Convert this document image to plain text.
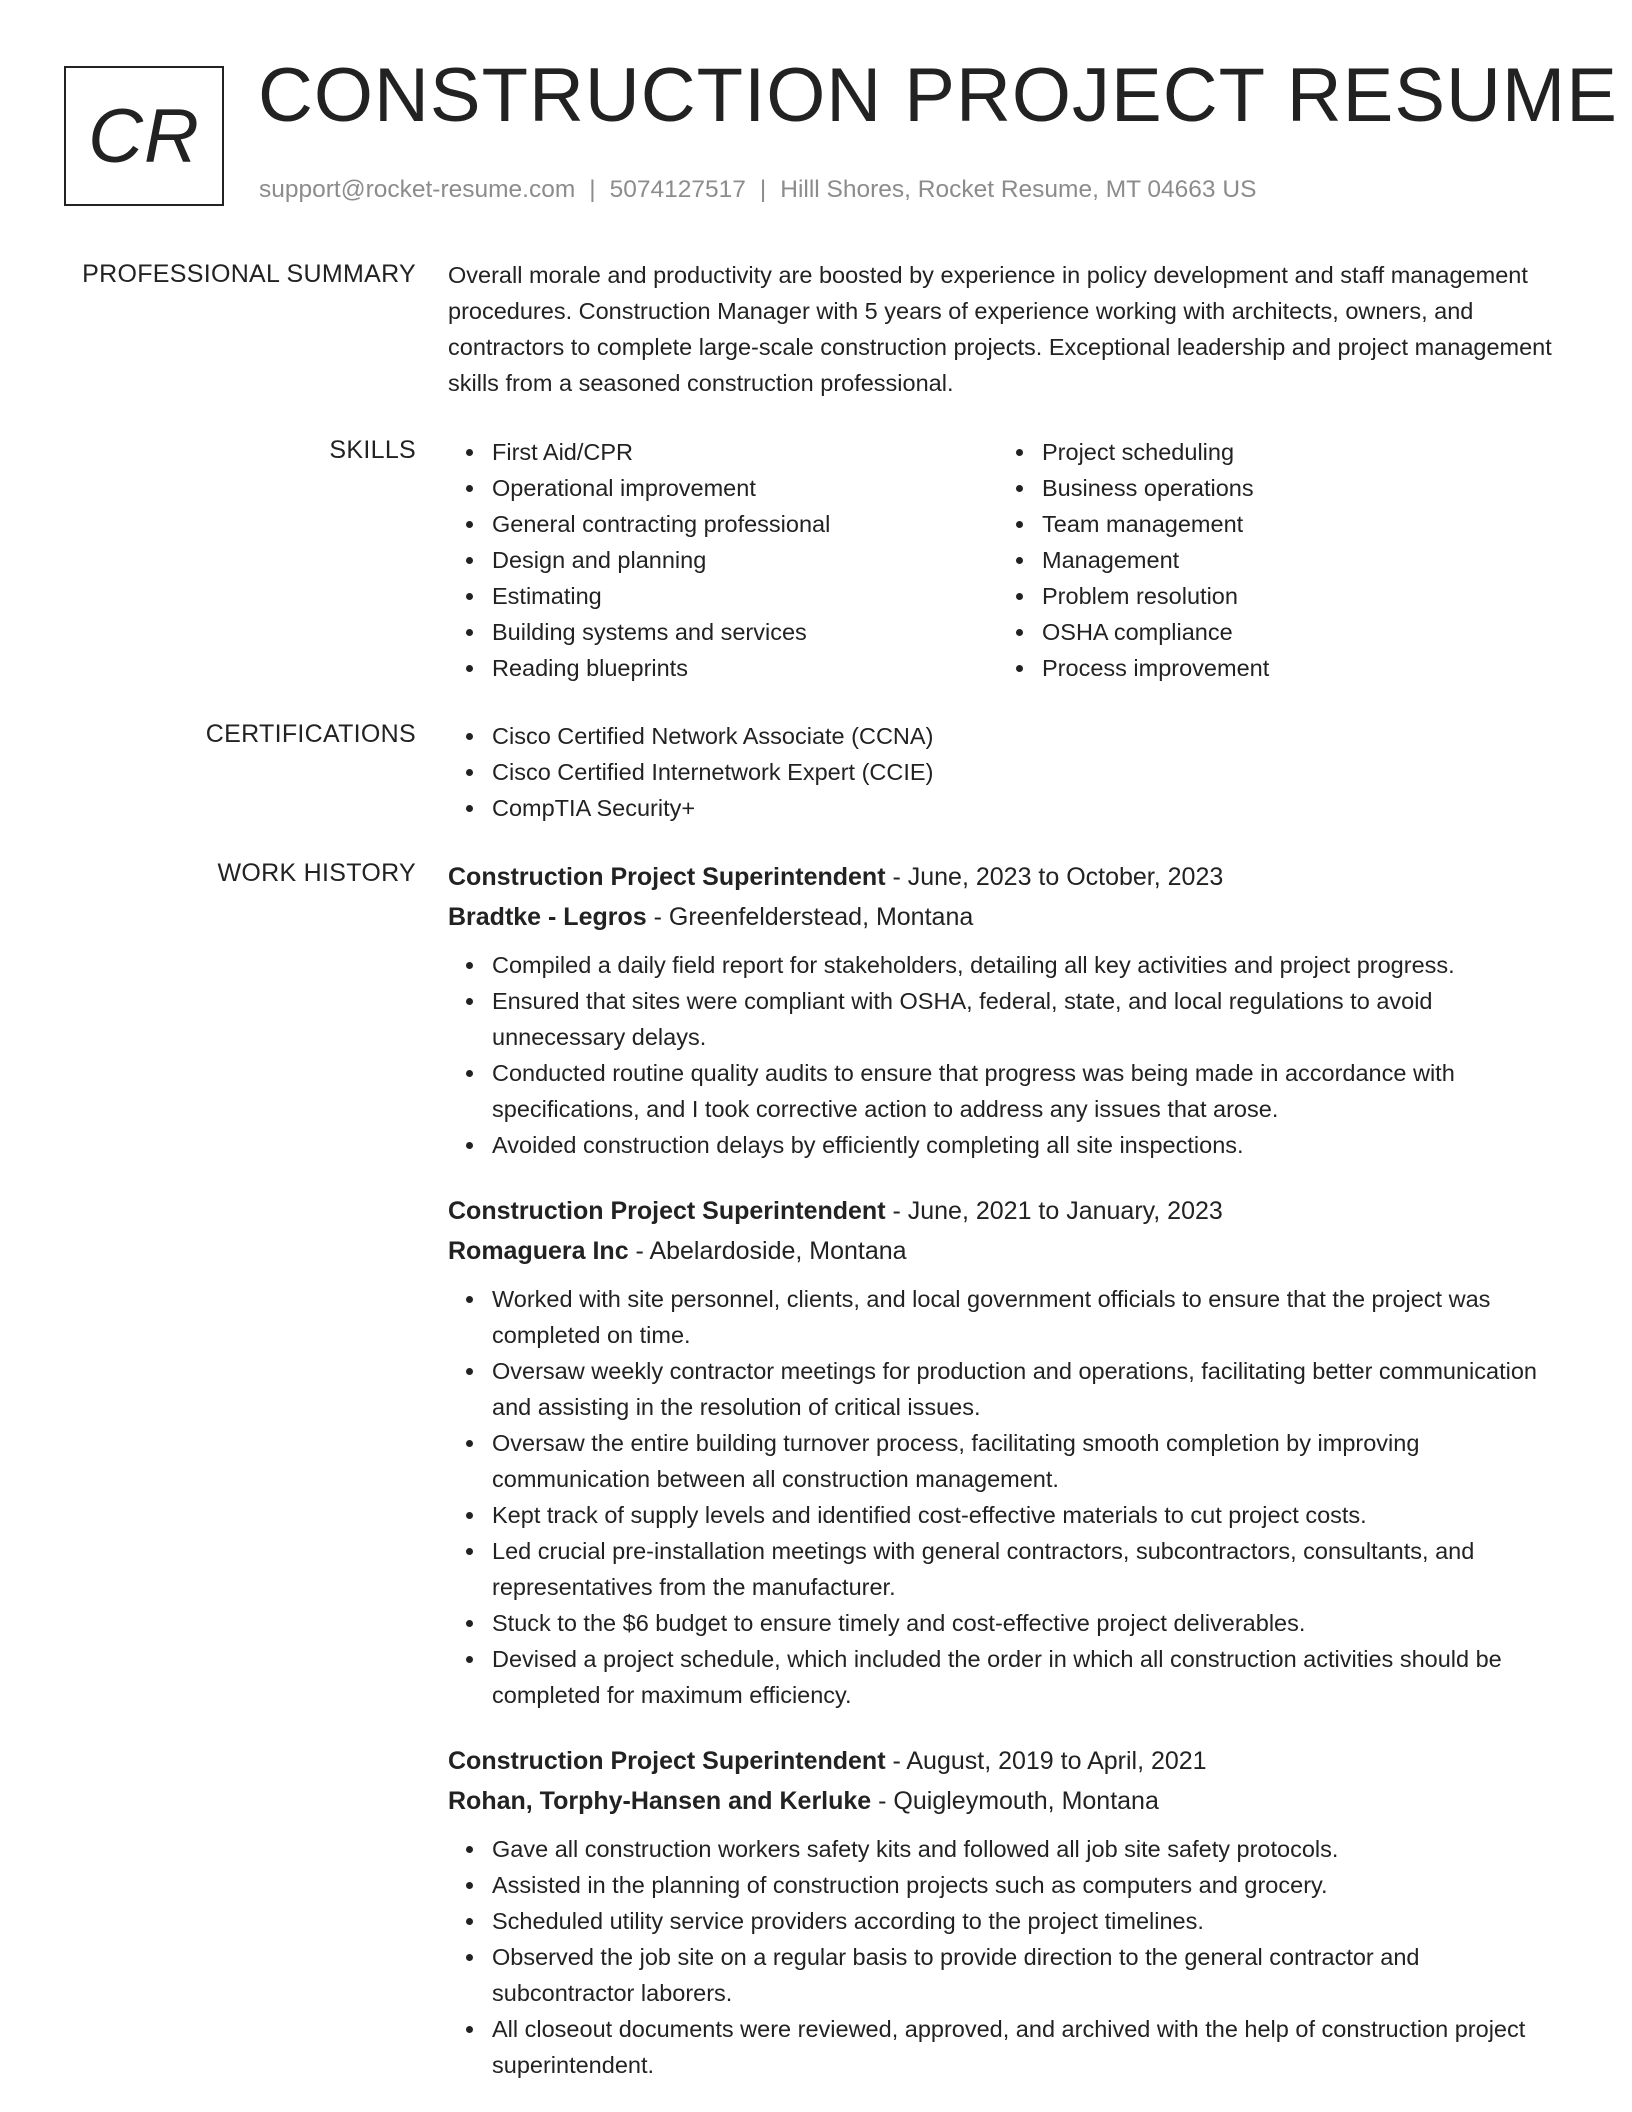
CR CONSTRUCTION PROJECT RESUME
support@rocket-resume.com | 5074127517 | Hilll Shores, Rocket Resume, MT 04663 US
PROFESSIONAL SUMMARY Overall morale and productivity are boosted by experience in policy development and staff management procedures. Construction Manager with 5 years of experience working with architects, owners, and contractors to complete large-scale construction projects. Exceptional leadership and project management skills from a seasoned construction professional.
SKILLS	First Aid/CPR
Operational improvement
General contracting professional
Design and planning
Estimating
Building systems and services
Reading blueprints
Project scheduling
Business operations
Team management
Management
Problem resolution
OSHA compliance
Process improvement
CERTIFICATIONS	Cisco Certified Network Associate (CCNA)
Cisco Certified Internetwork Expert (CCIE)
CompTIA Security+
WORK HISTORY Construction Project Superintendent - June, 2023 to October, 2023
Bradtke - Legros - Greenfelderstead, Montana
Compiled a daily field report for stakeholders, detailing all key activities and project progress.
Ensured that sites were compliant with OSHA, federal, state, and local regulations to avoid unnecessary delays.
Conducted routine quality audits to ensure that progress was being made in accordance with specifications, and I took corrective action to address any issues that arose.
Avoided construction delays by efficiently completing all site inspections.
Construction Project Superintendent - June, 2021 to January, 2023
Romaguera Inc - Abelardoside, Montana
Worked with site personnel, clients, and local government officials to ensure that the project was completed on time.
Oversaw weekly contractor meetings for production and operations, facilitating better communication and assisting in the resolution of critical issues.
Oversaw the entire building turnover process, facilitating smooth completion by improving communication between all construction management.
Kept track of supply levels and identified cost-effective materials to cut project costs.
Led crucial pre-installation meetings with general contractors, subcontractors, consultants, and representatives from the manufacturer.
Stuck to the $6 budget to ensure timely and cost-effective project deliverables.
Devised a project schedule, which included the order in which all construction activities should be completed for maximum efficiency.
Construction Project Superintendent - August, 2019 to April, 2021
Rohan, Torphy-Hansen and Kerluke - Quigleymouth, Montana
Gave all construction workers safety kits and followed all job site safety protocols.
Assisted in the planning of construction projects such as computers and grocery.
Scheduled utility service providers according to the project timelines.
Observed the job site on a regular basis to provide direction to the general contractor and subcontractor laborers.
All closeout documents were reviewed, approved, and archived with the help of construction project superintendent.
